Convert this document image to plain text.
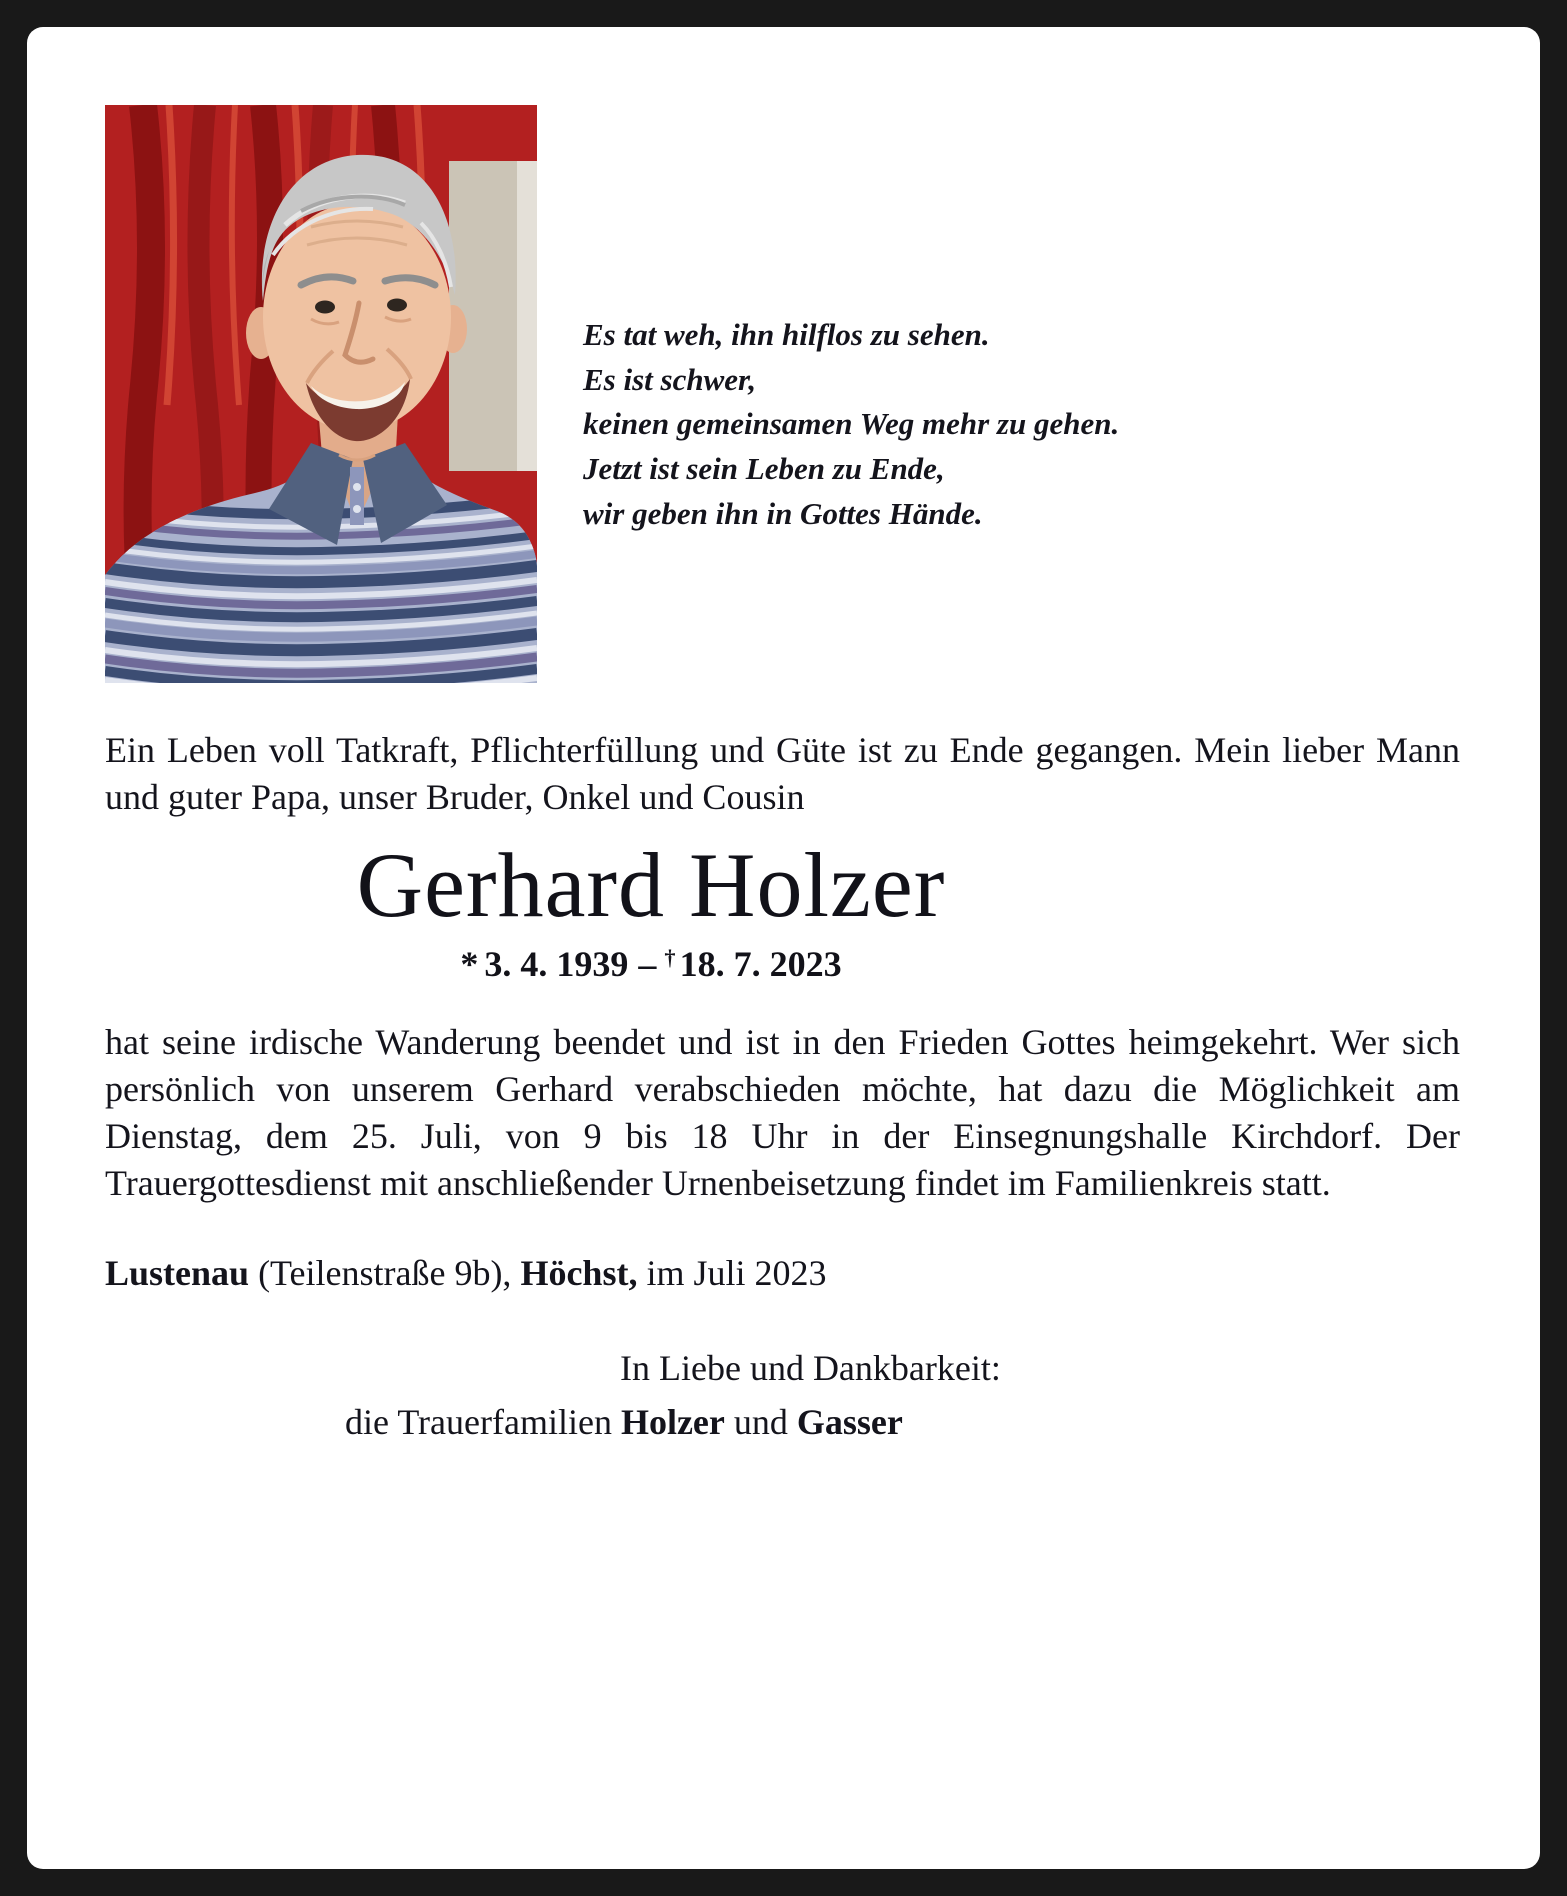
Es tat weh, ihn hilflos zu sehen.
Es ist schwer,
keinen gemeinsamen Weg mehr zu gehen.
Jetzt ist sein Leben zu Ende,
wir geben ihn in Gottes Hände.

Ein Leben voll Tatkraft, Pflichterfüllung und Güte ist zu Ende gegangen. Mein lieber Mann und guter Papa, unser Bruder, Onkel und Cousin

Gerhard Holzer
* 3. 4. 1939 – † 18. 7. 2023

hat seine irdische Wanderung beendet und ist in den Frieden Gottes heimgekehrt. Wer sich persönlich von unserem Gerhard verabschieden möchte, hat dazu die Möglichkeit am Dienstag, dem 25. Juli, von 9 bis 18 Uhr in der Einsegnungshalle Kirchdorf. Der Trauergottesdienst mit anschließender Urnenbeisetzung findet im Familienkreis statt.

Lustenau (Teilenstraße 9b), Höchst, im Juli 2023

In Liebe und Dankbarkeit:

die Trauerfamilien Holzer und Gasser
